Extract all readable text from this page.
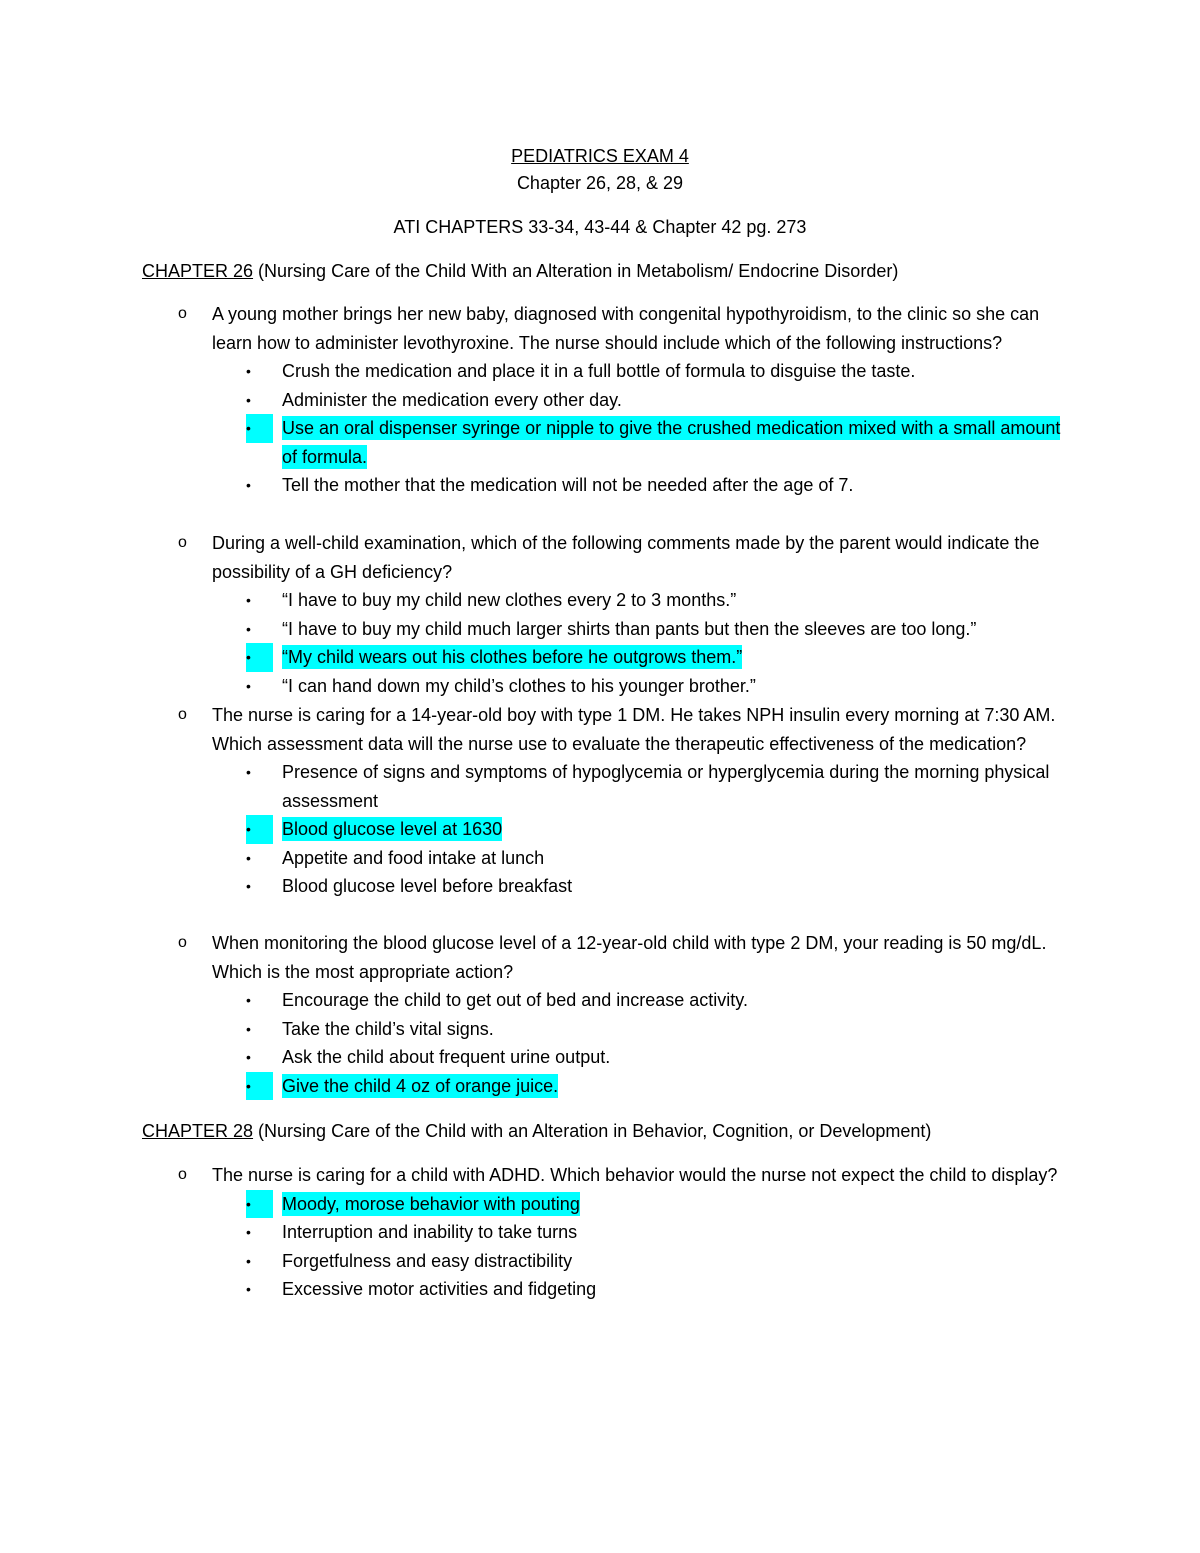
PEDIATRICS EXAM 4
Chapter 26, 28, & 29
ATI CHAPTERS 33-34, 43-44 & Chapter 42 pg. 273
CHAPTER 26 (Nursing Care of the Child With an Alteration in Metabolism/ Endocrine Disorder)
o A young mother brings her new baby, diagnosed with congenital hypothyroidism, to the clinic so she can learn how to administer levothyroxine. The nurse should include which of the following instructions?
• Crush the medication and place it in a full bottle of formula to disguise the taste.
• Administer the medication every other day.
•	Use an oral dispenser syringe or nipple to give the crushed medication mixed with a small amount of formula.
• Tell the mother that the medication will not be needed after the age of 7.
o During a well-child examination, which of the following comments made by the parent would indicate the possibility of a GH deficiency?
• “I have to buy my child new clothes every 2 to 3 months.”
• “I have to buy my child much larger shirts than pants but then the sleeves are too long.”
•	“My child wears out his clothes before he outgrows them.”
• “I can hand down my child’s clothes to his younger brother.”
o The nurse is caring for a 14-year-old boy with type 1 DM. He takes NPH insulin every morning at 7:30 AM. Which assessment data will the nurse use to evaluate the therapeutic effectiveness of the medication?
• Presence of signs and symptoms of hypoglycemia or hyperglycemia during the morning physical assessment
•	Blood glucose level at 1630
• Appetite and food intake at lunch
• Blood glucose level before breakfast
o When monitoring the blood glucose level of a 12-year-old child with type 2 DM, your reading is 50 mg/dL. Which is the most appropriate action?
• Encourage the child to get out of bed and increase activity.
• Take the child’s vital signs.
• Ask the child about frequent urine output.
•	Give the child 4 oz of orange juice.
CHAPTER 28 (Nursing Care of the Child with an Alteration in Behavior, Cognition, or Development)
o The nurse is caring for a child with ADHD. Which behavior would the nurse not expect the child to display?
•	Moody, morose behavior with pouting
• Interruption and inability to take turns
• Forgetfulness and easy distractibility
• Excessive motor activities and fidgeting
